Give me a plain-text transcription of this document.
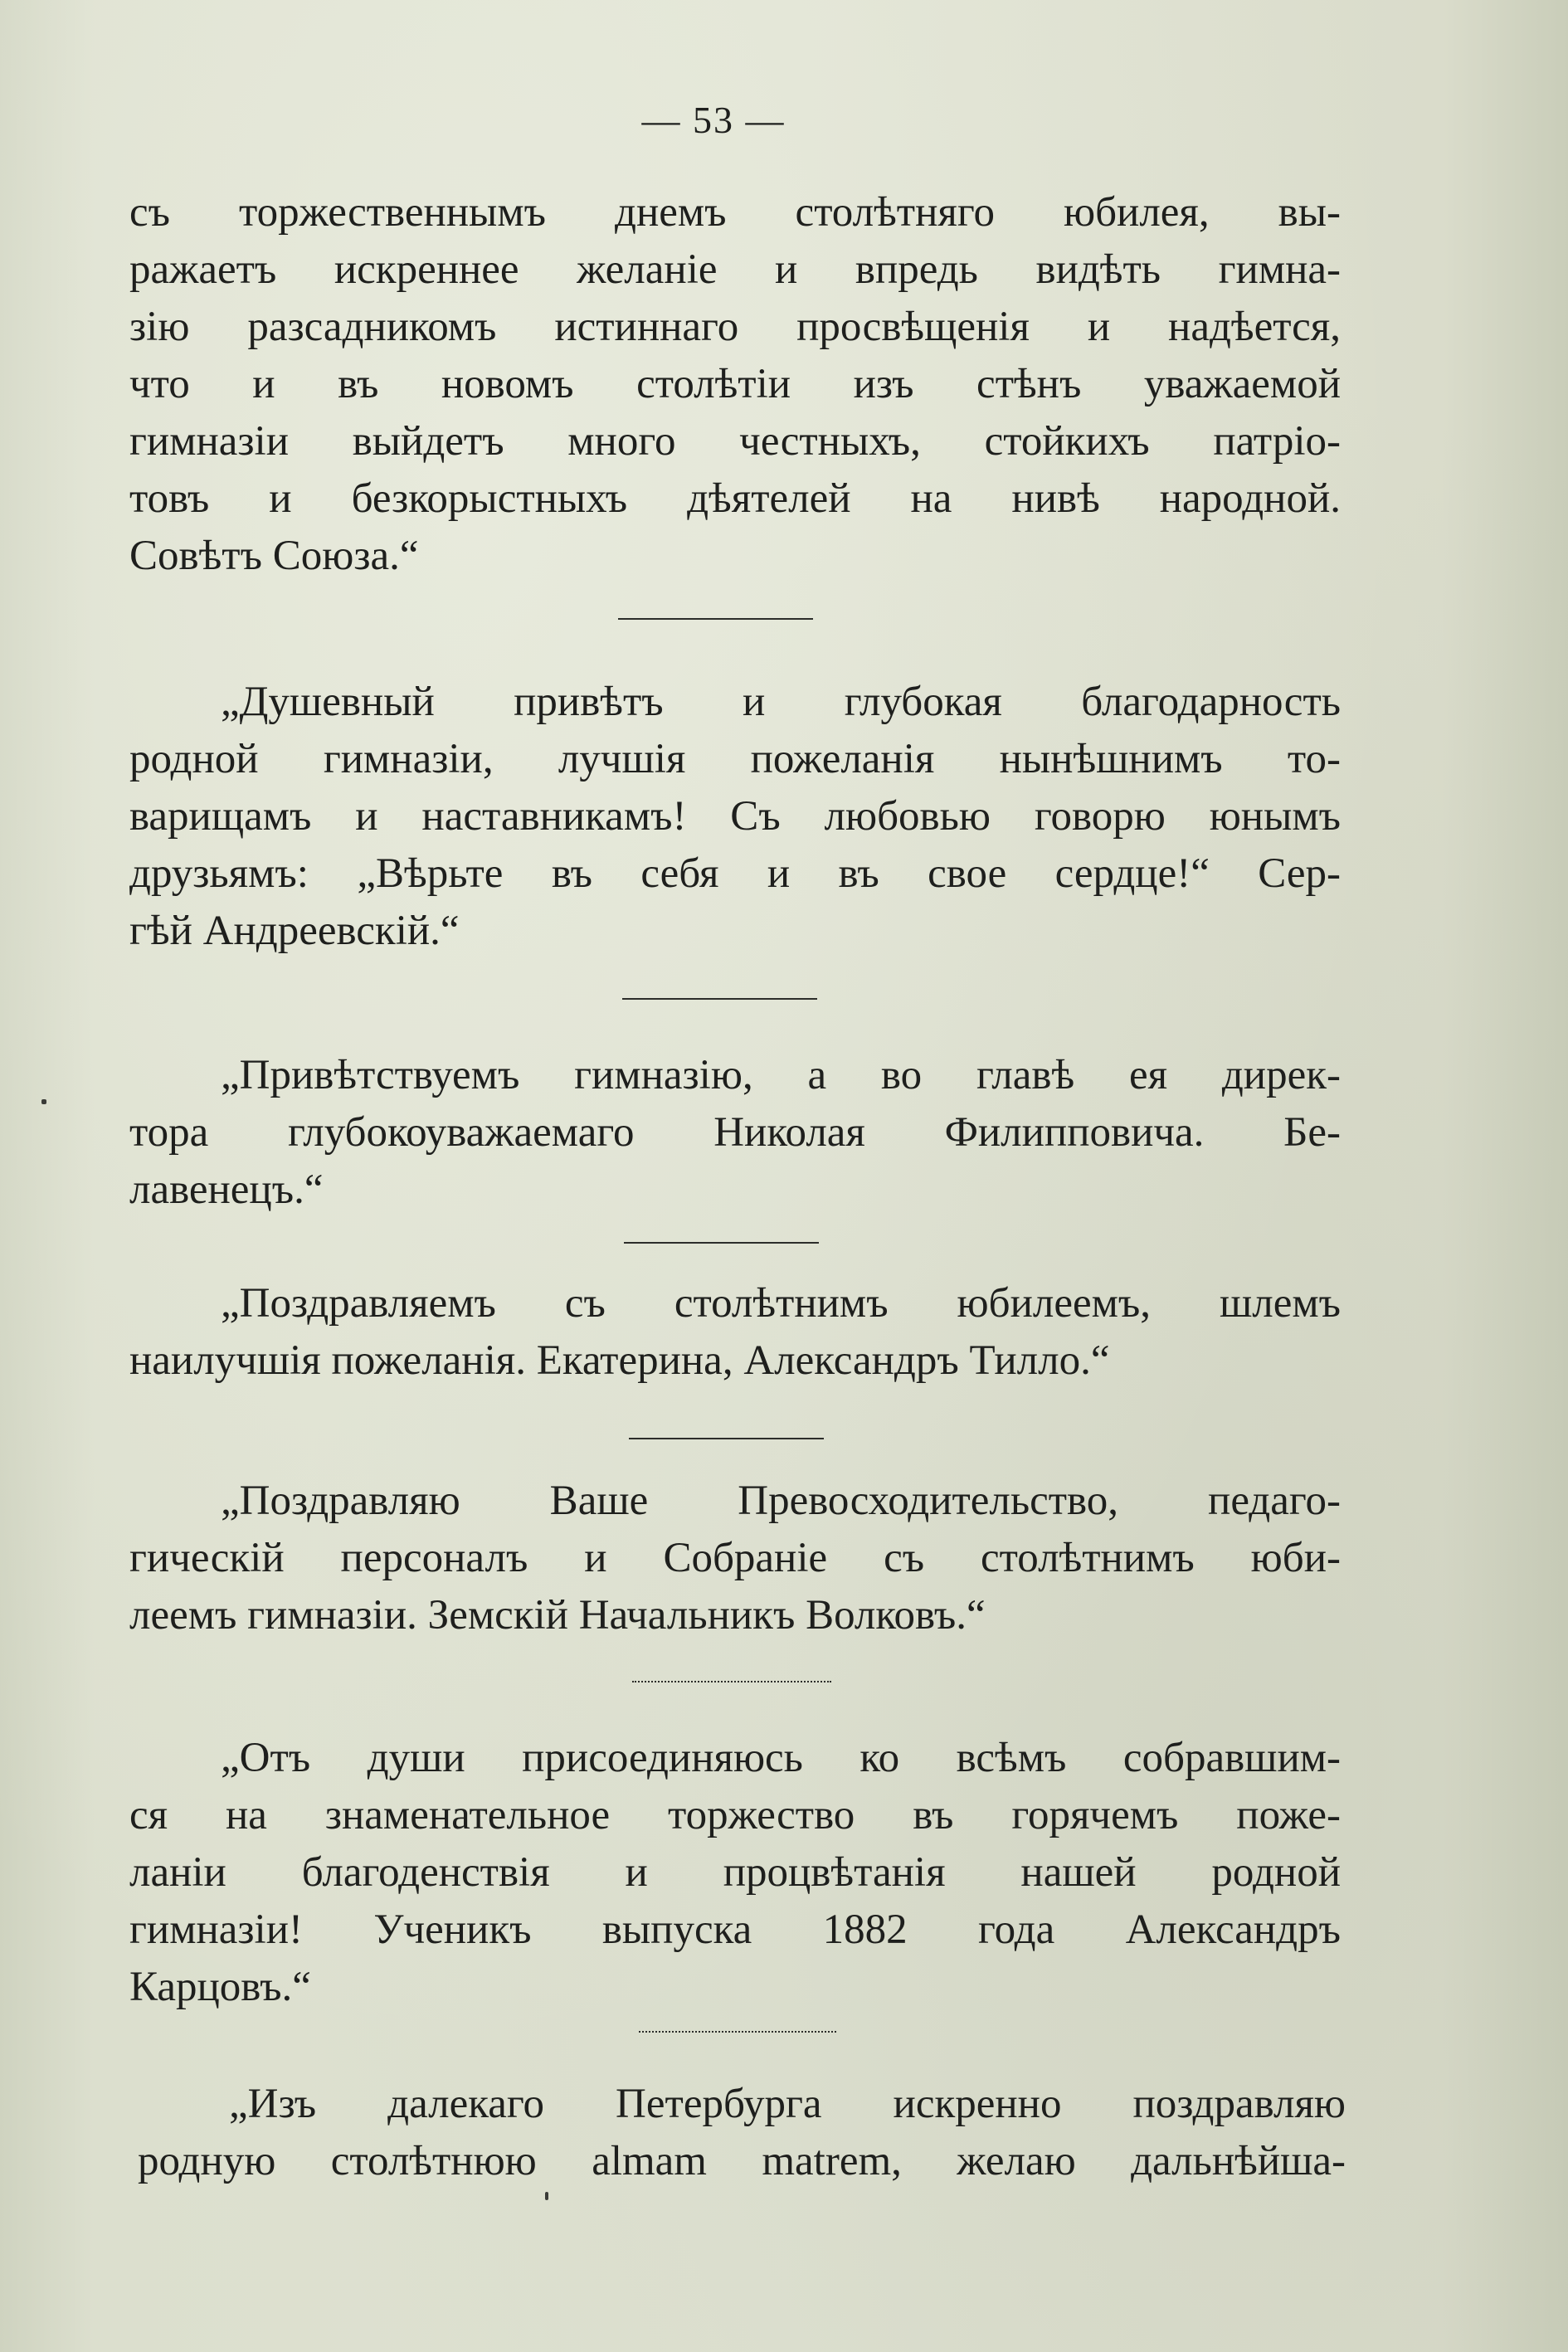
— 53 —
съ торжественнымъ днемъ столѣтняго юбилея, вы-
ражаетъ искреннее желаніе и впредь видѣть гимна-
зію разсадникомъ истиннаго просвѣщенія и надѣется,
что и въ новомъ столѣтіи изъ стѣнъ уважаемой
гимназіи выйдетъ много честныхъ, стойкихъ патріо-
товъ и безкорыстныхъ дѣятелей на нивѣ народной.
Совѣтъ Союза.“
„Душевный привѣтъ и глубокая благодарность
родной гимназіи, лучшія пожеланія нынѣшнимъ то-
варищамъ и наставникамъ! Съ любовью говорю юнымъ
друзьямъ: „Вѣрьте въ себя и въ свое сердце!“ Сер-
гѣй Андреевскій.“
„Привѣтствуемъ гимназію, а во главѣ ея дирек-
тора глубокоуважаемаго Николая Филипповича. Бе-
лавенецъ.“
„Поздравляемъ съ столѣтнимъ юбилеемъ, шлемъ
наилучшія пожеланія. Екатерина, Александръ Тилло.“
„Поздравляю Ваше Превосходительство, педаго-
гическій персоналъ и Собраніе съ столѣтнимъ юби-
леемъ гимназіи. Земскій Начальникъ Волковъ.“
„Отъ души присоединяюсь ко всѣмъ собравшим-
ся на знаменательное торжество въ горячемъ поже-
ланіи благоденствія и процвѣтанія нашей родной
гимназіи! Ученикъ выпуска 1882 года Александръ
Карцовъ.“
„Изъ далекаго Петербурга искренно поздравляю
родную столѣтнюю almam matrem, желаю дальнѣйша-
